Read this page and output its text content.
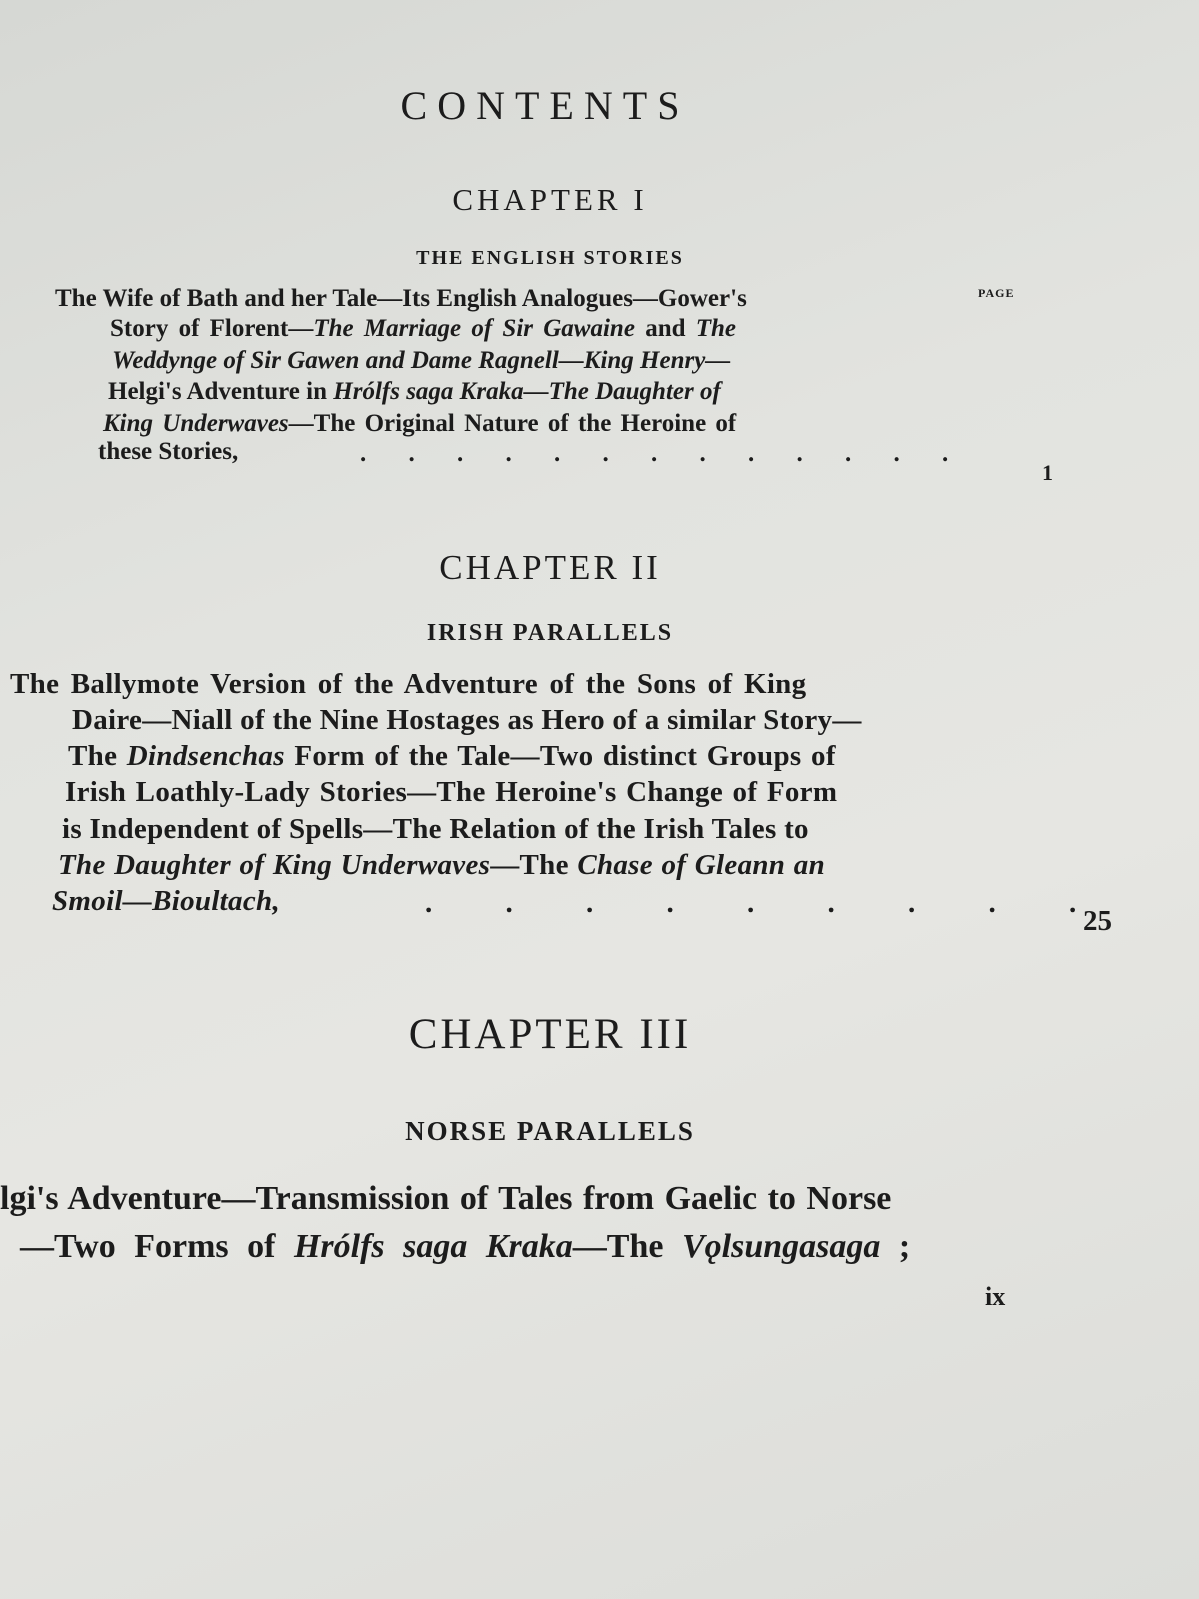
CONTENTS
CHAPTER I
THE ENGLISH STORIES
PAGE
The Wife of Bath and her Tale—Its English Analogues—Gower's
Story of Florent—The Marriage of Sir Gawaine and The
Weddynge of Sir Gawen and Dame Ragnell—King Henry—
Helgi's Adventure in Hrólfs saga Kraka—The Daughter of
King Underwaves—The Original Nature of the Heroine of
these Stories,	. . . . . . . . . . . . .
1
CHAPTER II
IRISH PARALLELS
The Ballymote Version of the Adventure of the Sons of King
Daire—Niall of the Nine Hostages as Hero of a similar Story—
The Dindsenchas Form of the Tale—Two distinct Groups of
Irish Loathly-Lady Stories—The Heroine's Change of Form
is Independent of Spells—The Relation of the Irish Tales to
The Daughter of King Underwaves—The Chase of Gleann an
Smoil—Bioultach,	. . . . . . . . .
25
CHAPTER III
NORSE PARALLELS
lgi's Adventure—Transmission of Tales from Gaelic to Norse
—Two Forms of Hrólfs saga Kraka—The Vǫlsungasaga ;
ix
